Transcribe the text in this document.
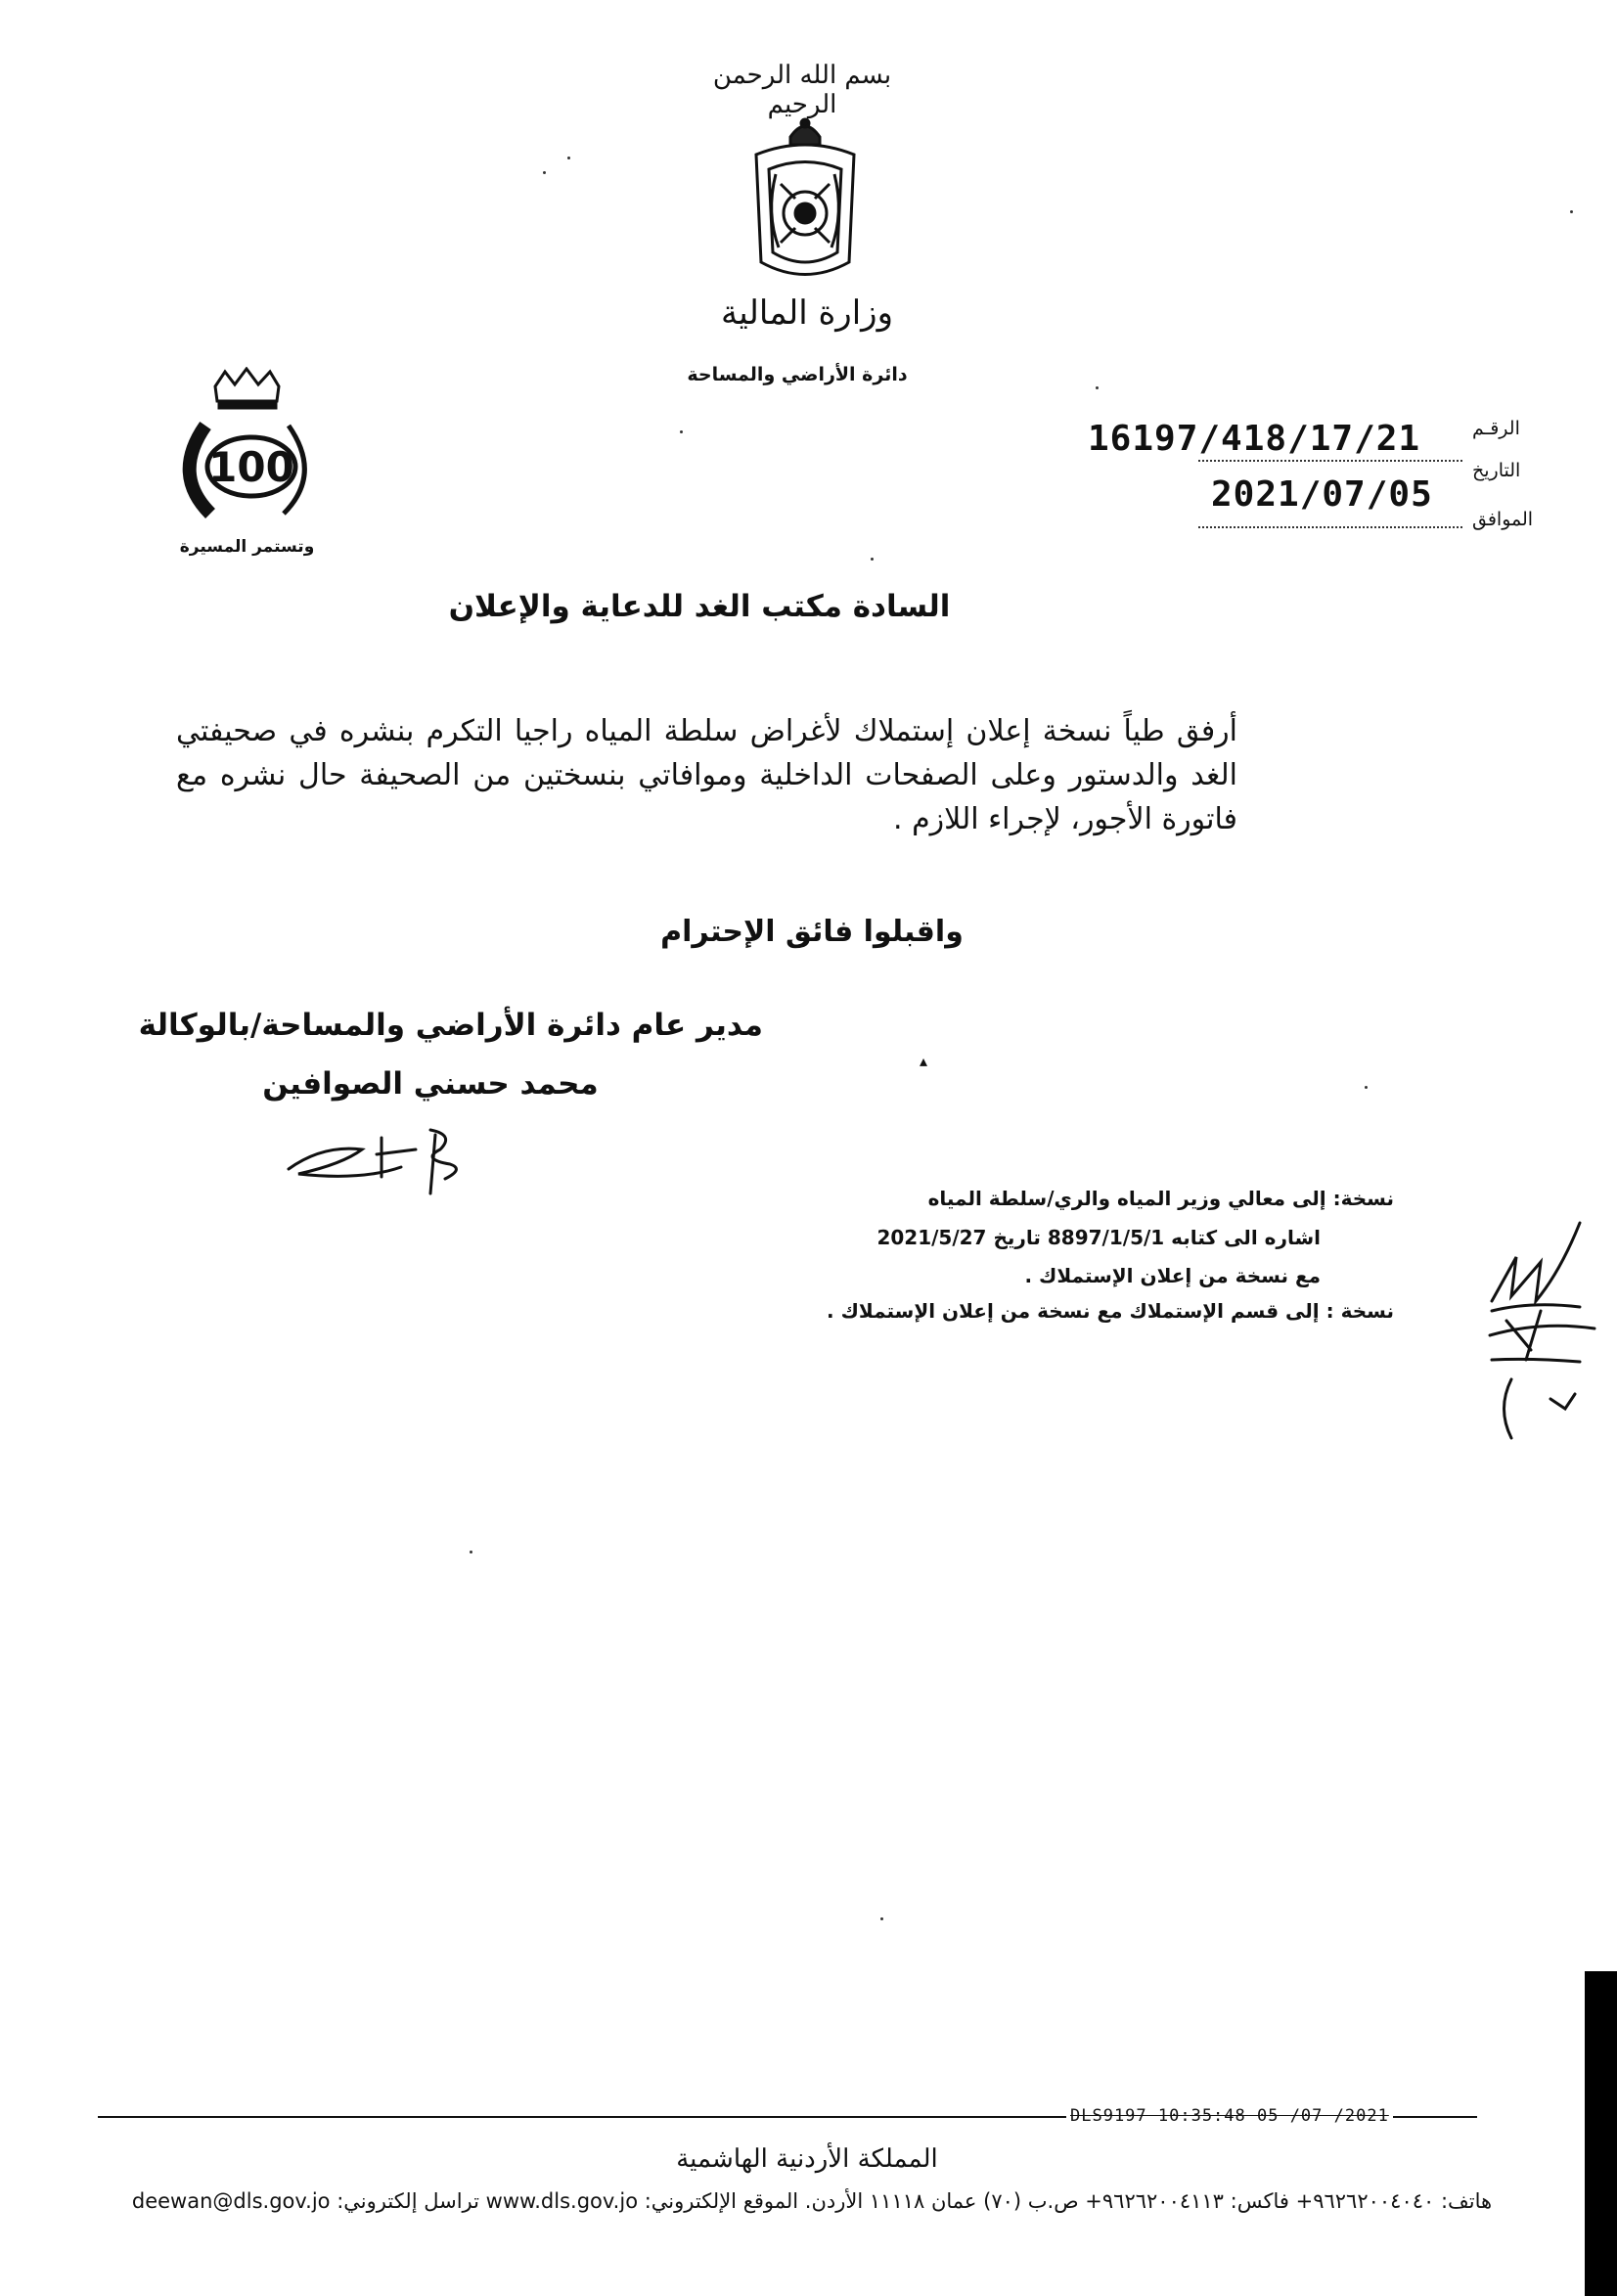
بسم الله الرحمن الرحيم
وزارة المالية
دائرة الأراضي والمساحة
100
وتستمر المسيرة
الرقـم
التاريخ
الموافق
16197/418/17/21
2021/07/05
السادة مكتب الغد للدعاية والإعلان
أرفق طياً نسخة إعلان إستملاك لأغراض سلطة المياه راجيا التكرم بنشره في صحيفتي الغد والدستور وعلى الصفحات الداخلية وموافاتي بنسختين من الصحيفة حال نشره مع فاتورة الأجور، لإجراء اللازم .
واقبلوا فائق الإحترام
مدير عام دائرة الأراضي والمساحة/بالوكالة
محمد حسني الصوافين
▴
نسخة: إلى معالي وزير المياه والري/سلطة المياه
اشاره الى كتابه 8897/1/5/1 تاريخ 2021/5/27
مع نسخة من إعلان الإستملاك .
نسخة : إلى قسم الإستملاك مع نسخة من إعلان الإستملاك .
DLS9197 10:35:48 05 /07 /2021
المملكة الأردنية الهاشمية
هاتف: ٩٦٢٦٢٠٠٤٠٤٠+ فاكس: ٩٦٢٦٢٠٠٤١١٣+ ص.ب (٧٠) عمان ١١١١٨ الأردن. الموقع الإلكتروني: www.dls.gov.jo تراسل إلكتروني: deewan@dls.gov.jo
